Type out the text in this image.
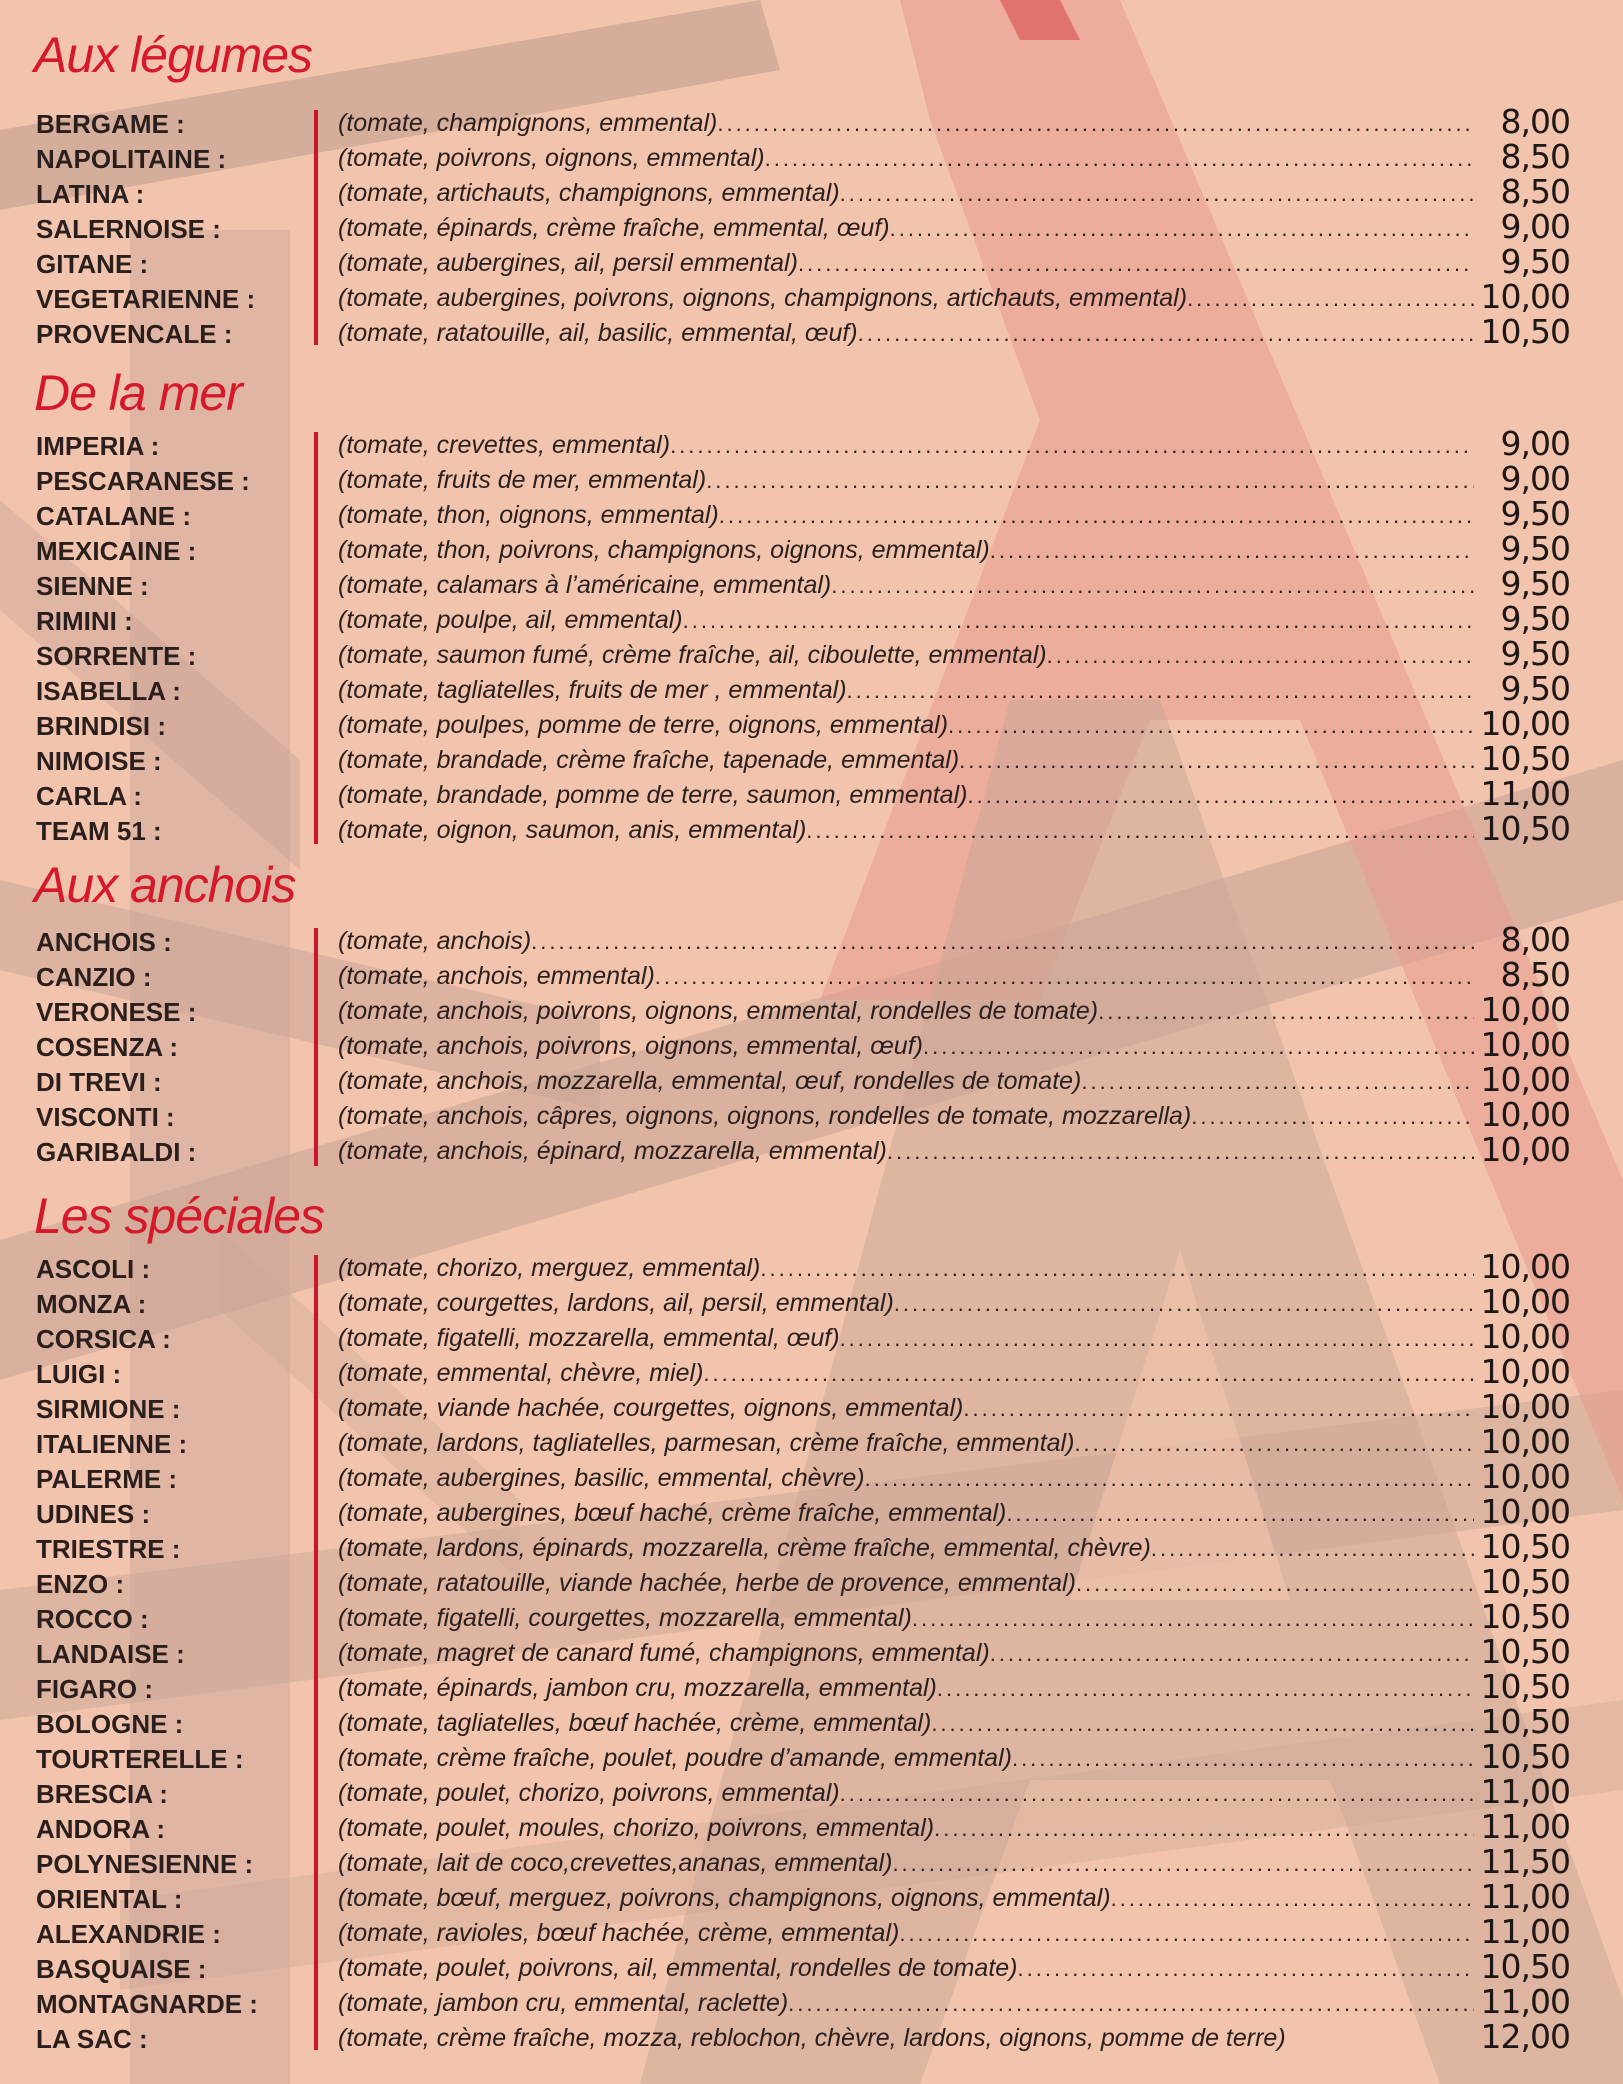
Aux légumes
BERGAME :	(tomate, champignons, emmental) .....	8,00
NAPOLITAINE :	(tomate, poivrons, oignons, emmental) .....	8,50
LATINA :	(tomate, artichauts, champignons, emmental) .....	8,50
SALERNOISE :	(tomate, épinards, crème fraîche, emmental, œuf) .....	9,00
GITANE :	(tomate, aubergines, ail, persil emmental) .....	9,50
VEGETARIENNE :	(tomate, aubergines, poivrons, oignons, champignons, artichauts, emmental) .....	10,00
PROVENCALE :	(tomate, ratatouille, ail, basilic, emmental, œuf) .....	10,50
De la mer
IMPERIA :	(tomate, crevettes, emmental) .....	9,00
PESCARANESE :	(tomate, fruits de mer, emmental) .....	9,00
CATALANE :	(tomate, thon, oignons, emmental) .....	9,50
MEXICAINE :	(tomate, thon, poivrons, champignons, oignons, emmental) .....	9,50
SIENNE :	(tomate, calamars à l’américaine, emmental) .....	9,50
RIMINI :	(tomate, poulpe, ail, emmental) .....	9,50
SORRENTE :	(tomate, saumon fumé, crème fraîche, ail, ciboulette, emmental) .....	9,50
ISABELLA :	(tomate, tagliatelles, fruits de mer , emmental) .....	9,50
BRINDISI :	(tomate, poulpes, pomme de terre, oignons, emmental) .....	10,00
NIMOISE :	(tomate, brandade, crème fraîche, tapenade, emmental) .....	10,50
CARLA :	(tomate, brandade, pomme de terre, saumon, emmental) .....	11,00
TEAM 51 :	(tomate, oignon, saumon, anis, emmental) .....	10,50
Aux anchois
ANCHOIS :	(tomate, anchois) .....	8,00
CANZIO :	(tomate, anchois, emmental) .....	8,50
VERONESE :	(tomate, anchois, poivrons, oignons, emmental, rondelles de tomate) .....	10,00
COSENZA :	(tomate, anchois, poivrons, oignons, emmental, œuf) .....	10,00
DI TREVI :	(tomate, anchois, mozzarella, emmental, œuf, rondelles de tomate) .....	10,00
VISCONTI :	(tomate, anchois, câpres, oignons, oignons, rondelles de tomate, mozzarella) .....	10,00
GARIBALDI :	(tomate, anchois, épinard, mozzarella, emmental) .....	10,00
Les spéciales
ASCOLI :	(tomate, chorizo, merguez, emmental) .....	10,00
MONZA :	(tomate, courgettes, lardons, ail, persil, emmental) .....	10,00
CORSICA :	(tomate, figatelli, mozzarella, emmental, œuf) .....	10,00
LUIGI :	(tomate, emmental, chèvre, miel) .....	10,00
SIRMIONE :	(tomate, viande hachée, courgettes, oignons, emmental) .....	10,00
ITALIENNE :	(tomate, lardons, tagliatelles, parmesan, crème fraîche, emmental) .....	10,00
PALERME :	(tomate, aubergines, basilic, emmental, chèvre) .....	10,00
UDINES :	(tomate, aubergines, bœuf haché, crème fraîche, emmental) .....	10,00
TRIESTRE :	(tomate, lardons, épinards, mozzarella, crème fraîche, emmental, chèvre) .....	10,50
ENZO :	(tomate, ratatouille, viande hachée, herbe de provence, emmental) .....	10,50
ROCCO :	(tomate, figatelli, courgettes, mozzarella, emmental) .....	10,50
LANDAISE :	(tomate, magret de canard fumé, champignons, emmental) .....	10,50
FIGARO :	(tomate, épinards, jambon cru, mozzarella, emmental) .....	10,50
BOLOGNE :	(tomate, tagliatelles, bœuf hachée, crème, emmental) .....	10,50
TOURTERELLE :	(tomate, crème fraîche, poulet, poudre d’amande, emmental) .....	10,50
BRESCIA :	(tomate, poulet, chorizo, poivrons, emmental) .....	11,00
ANDORA :	(tomate, poulet, moules, chorizo, poivrons, emmental) .....	11,00
POLYNESIENNE :	(tomate, lait de coco,crevettes,ananas, emmental) .....	11,50
ORIENTAL :	(tomate, bœuf, merguez, poivrons, champignons, oignons, emmental) .....	11,00
ALEXANDRIE :	(tomate, ravioles, bœuf hachée, crème, emmental) .....	11,00
BASQUAISE :	(tomate, poulet, poivrons, ail, emmental, rondelles de tomate) .....	10,50
MONTAGNARDE :	(tomate, jambon cru, emmental, raclette) .....	11,00
LA SAC :	(tomate, crème fraîche, mozza, reblochon, chèvre, lardons, oignons, pomme de terre)	12,00
